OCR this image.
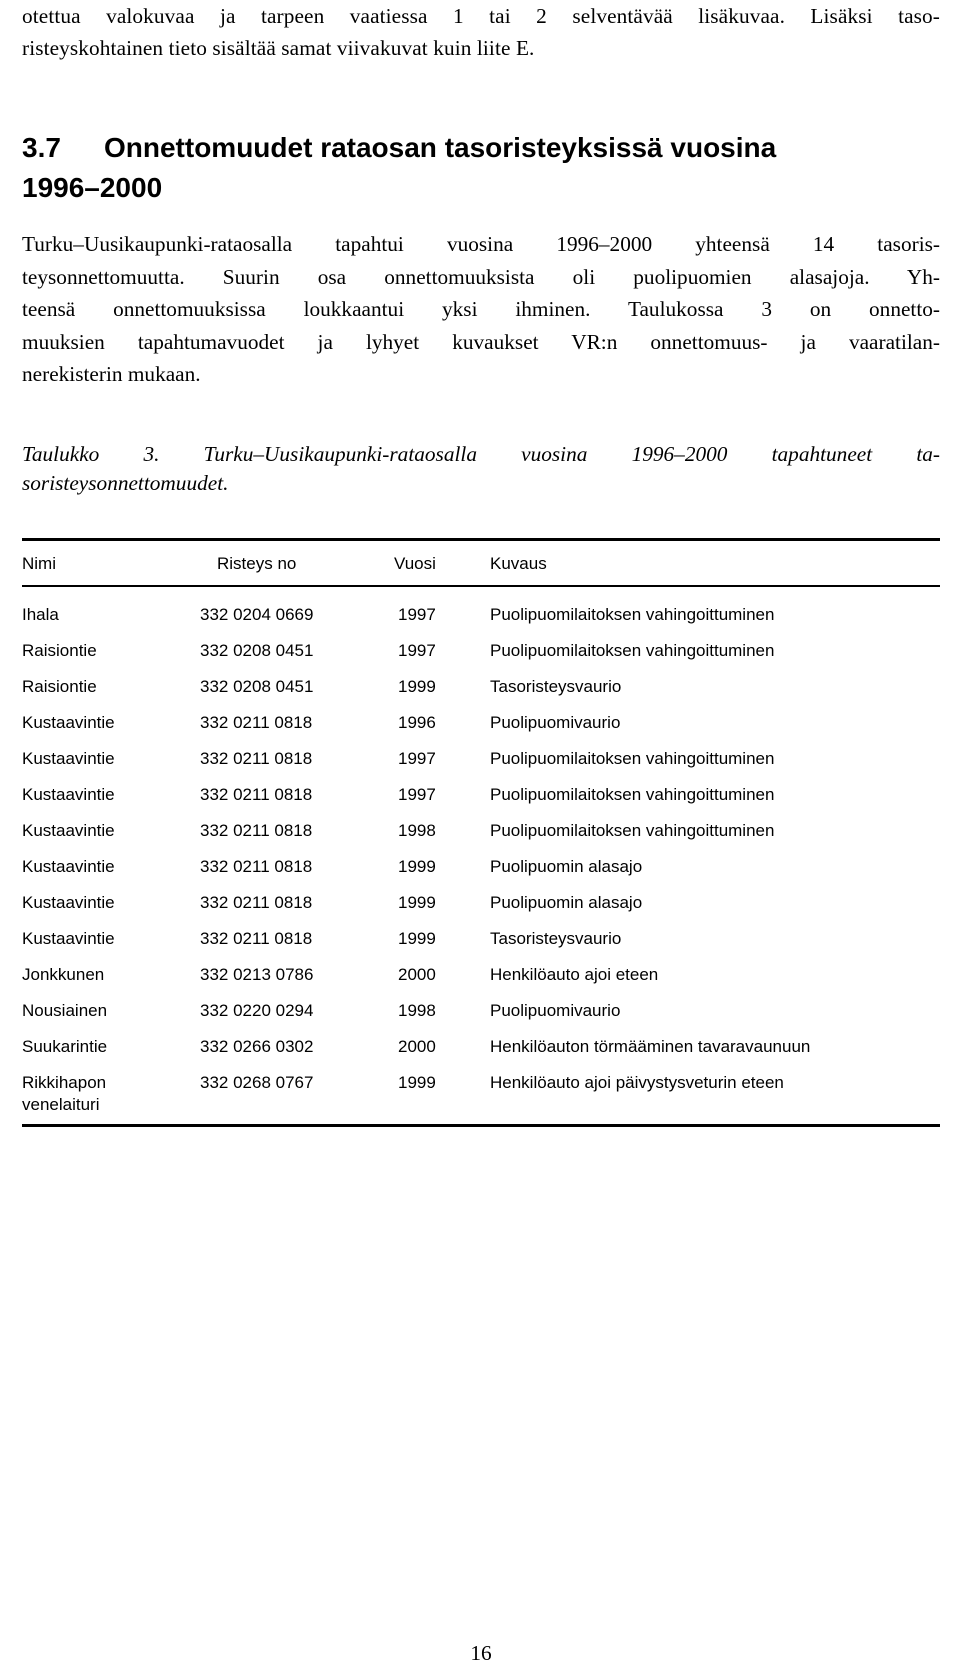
otettua valokuvaa ja tarpeen vaatiessa 1 tai 2 selventävää lisäkuvaa. Lisäksi taso-
risteyskohtainen tieto sisältää samat viivakuvat kuin liite E.
3.7 Onnettomuudet rataosan tasoristeyksissä vuosina
1996–2000
Turku–Uusikaupunki-rataosalla tapahtui vuosina 1996–2000 yhteensä 14 tasoris-
teysonnettomuutta. Suurin osa onnettomuuksista oli puolipuomien alasajoja. Yh-
teensä onnettomuuksissa loukkaantui yksi ihminen. Taulukossa 3 on onnetto-
muuksien tapahtumavuodet ja lyhyet kuvaukset VR:n onnettomuus- ja vaaratilan-
nerekisterin mukaan.
Taulukko 3. Turku–Uusikaupunki-rataosalla vuosina 1996–2000 tapahtuneet ta-
soristeysonnettomuudet.
Nimi	Risteys no	Vuosi	Kuvaus
Ihala	332 0204 0669	1997	Puolipuomilaitoksen vahingoittuminen
Raisiontie	332 0208 0451	1997	Puolipuomilaitoksen vahingoittuminen
Raisiontie	332 0208 0451	1999	Tasoristeysvaurio
Kustaavintie	332 0211 0818	1996	Puolipuomivaurio
Kustaavintie	332 0211 0818	1997	Puolipuomilaitoksen vahingoittuminen
Kustaavintie	332 0211 0818	1997	Puolipuomilaitoksen vahingoittuminen
Kustaavintie	332 0211 0818	1998	Puolipuomilaitoksen vahingoittuminen
Kustaavintie	332 0211 0818	1999	Puolipuomin alasajo
Kustaavintie	332 0211 0818	1999	Puolipuomin alasajo
Kustaavintie	332 0211 0818	1999	Tasoristeysvaurio
Jonkkunen	332 0213 0786	2000	Henkilöauto ajoi eteen
Nousiainen	332 0220 0294	1998	Puolipuomivaurio
Suukarintie	332 0266 0302	2000	Henkilöauton törmääminen tavaravaunuun
Rikkihapon
venelaituri
332 0268 0767	1999	Henkilöauto ajoi päivystysveturin eteen
16
